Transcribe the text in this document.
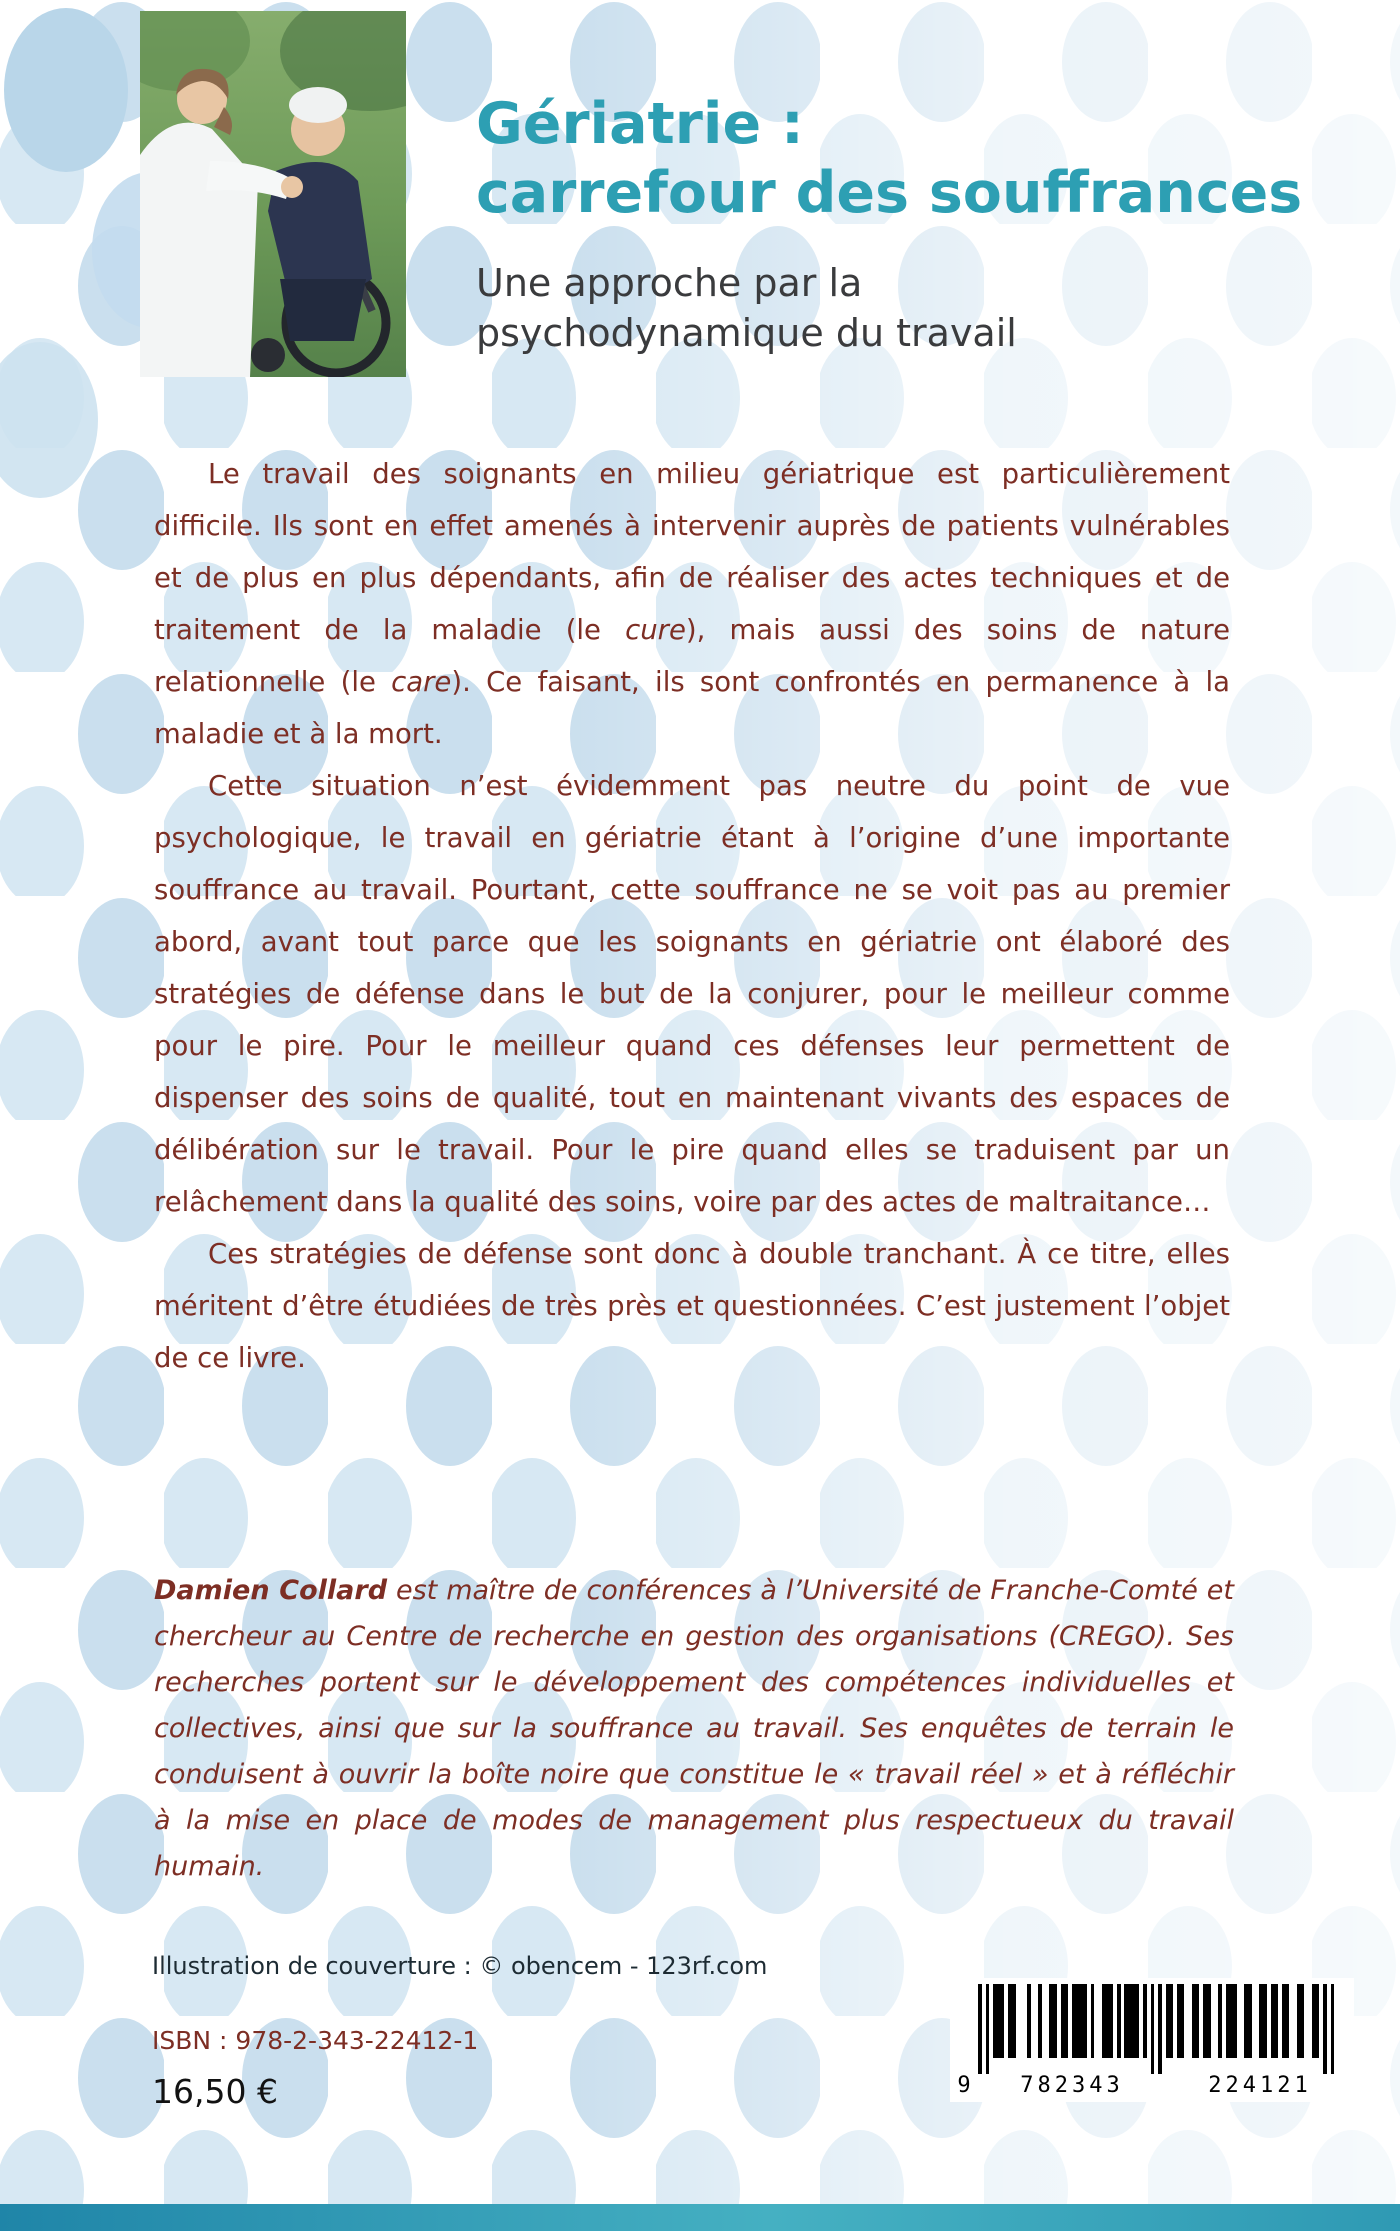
Gériatrie :
carrefour des souffrances
Une approche par la
psychodynamique du travail

Le travail des soignants en milieu gériatrique est particulièrement difficile. Ils sont en effet amenés à intervenir auprès de patients vulnérables et de plus en plus dépendants, afin de réaliser des actes techniques et de traitement de la maladie (le cure), mais aussi des soins de nature relationnelle (le care). Ce faisant, ils sont confrontés en permanence à la maladie et à la mort.

Cette situation n’est évidemment pas neutre du point de vue psychologique, le travail en gériatrie étant à l’origine d’une importante souffrance au travail. Pourtant, cette souffrance ne se voit pas au premier abord, avant tout parce que les soignants en gériatrie ont élaboré des stratégies de défense dans le but de la conjurer, pour le meilleur comme pour le pire. Pour le meilleur quand ces défenses leur permettent de dispenser des soins de qualité, tout en maintenant vivants des espaces de délibération sur le travail. Pour le pire quand elles se traduisent par un relâchement dans la qualité des soins, voire par des actes de maltraitance…

Ces stratégies de défense sont donc à double tranchant. À ce titre, elles méritent d’être étudiées de très près et questionnées. C’est justement l’objet de ce livre.

Damien Collard est maître de conférences à l’Université de Franche-Comté et chercheur au Centre de recherche en gestion des organisations (CREGO). Ses recherches portent sur le développement des compétences individuelles et collectives, ainsi que sur la souffrance au travail. Ses enquêtes de terrain le conduisent à ouvrir la boîte noire que constitue le « travail réel » et à réfléchir à la mise en place de modes de management plus respectueux du travail humain.

Illustration de couverture : © obencem - 123rf.com

ISBN : 978-2-343-22412-1

16,50 €	9	782343	224121
